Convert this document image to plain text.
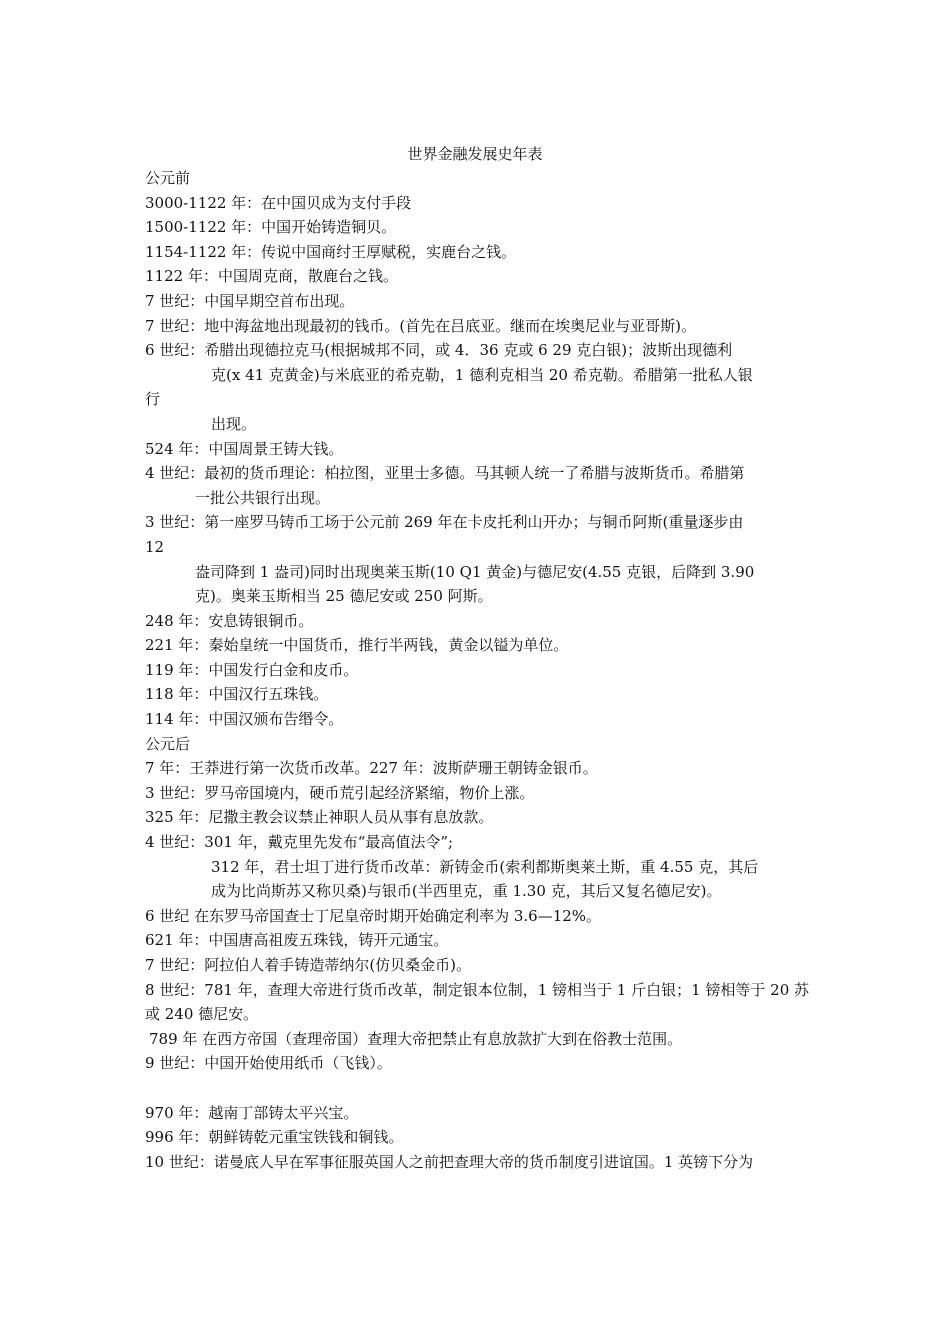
世界金融发展史年表

公元前

3000-1122 年：在中国贝成为支付手段

1500-1122 年：中国开始铸造铜贝。

1154-1122 年：传说中国商纣王厚赋税，实鹿台之钱。

1122 年：中国周克商，散鹿台之钱。

7 世纪：中国早期空首布出现。

7 世纪：地中海盆地出现最初的钱币。(首先在吕底亚。继而在埃奥尼业与亚哥斯)。

6 世纪：希腊出现德拉克马(根据城邦不同，或 4．36 克或 6 29 克白银)；波斯出现德利

克(x 41 克黄金)与米底亚的希克勒，1 德利克相当 20 希克勒。希腊第一批私人银

行

出现。

524 年：中国周景王铸大钱。

4 世纪：最初的货币理论：柏拉图，亚里士多德。马其顿人统一了希腊与波斯货币。希腊第

一批公共银行出现。

3 世纪：第一座罗马铸币工场于公元前 269 年在卡皮托利山开办；与铜币阿斯(重量逐步由

12

盎司降到 1 盎司)同时出现奥莱玉斯(10 Q1 黄金)与德尼安(4.55 克银，后降到 3.90

克)。奥莱玉斯相当 25 德尼安或 250 阿斯。

248 年：安息铸银铜币。

221 年：秦始皇统一中国货币，推行半两钱，黄金以镒为单位。

119 年：中国发行白金和皮币。

118 年：中国汉行五珠钱。

114 年：中国汉颁布告缗令。

公元后

7 年：王莽进行第一次货币改革。227 年：波斯萨珊王朝铸金银币。

3 世纪：罗马帝国境内，硬币荒引起经济紧缩，物价上涨。

325 年：尼撒主教会议禁止神职人员从事有息放款。

4 世纪：301 年，戴克里先发布“最高值法令”;

312 年，君士坦丁进行货币改革：新铸金币(索利都斯奥莱土斯，重 4.55 克，其后

成为比尚斯苏又称贝桑)与银币(半西里克，重 1.30 克，其后又复名德尼安)。

6 世纪 在东罗马帝国查士丁尼皇帝时期开始确定利率为 3.6—12%。

621 年：中国唐高祖废五珠钱，铸开元通宝。

7 世纪：阿拉伯人着手铸造蒂纳尔(仿贝桑金币)。

8 世纪：781 年，查理大帝进行货币改革，制定银本位制，1 镑相当于 1 斤白银；1 镑相等于 20 苏或 240 德尼安。

789 年 在西方帝国（查理帝国）查理大帝把禁止有息放款扩大到在俗教士范围。

9 世纪：中国开始使用纸币（飞钱）。

970 年：越南丁部铸太平兴宝。

996 年：朝鲜铸乾元重宝铁钱和铜钱。

10 世纪：诺曼底人早在军事征服英国人之前把查理大帝的货币制度引进谊国。1 英镑下分为
